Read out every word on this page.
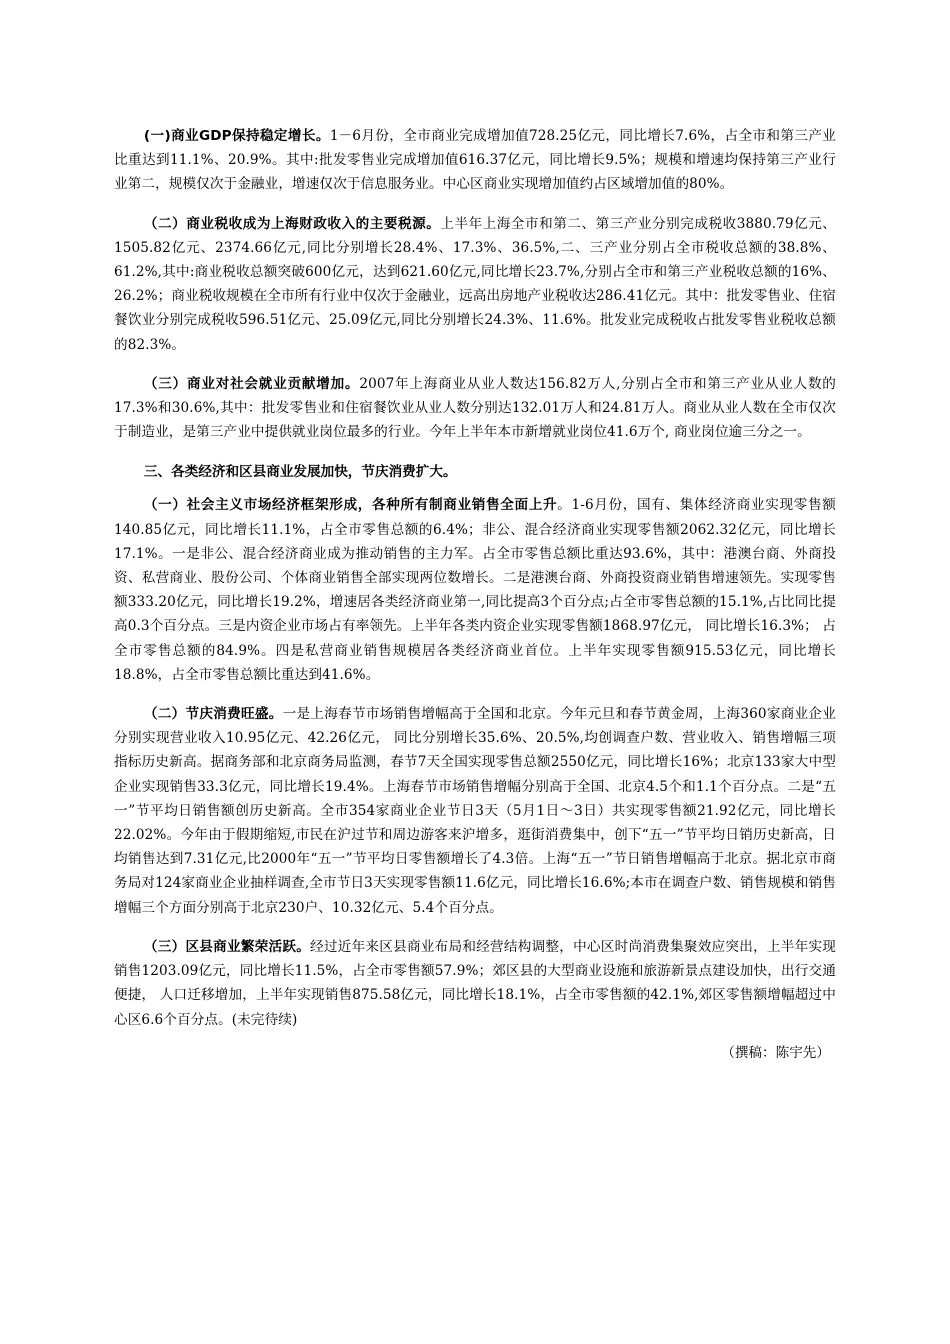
(一)商业GDP保持稳定增长。1－6月份，全市商业完成增加值728.25亿元，同比增长7.6%，占全市和第三产业比重达到11.1%、20.9%。其中:批发零售业完成增加值616.37亿元，同比增长9.5%；规模和增速均保持第三产业行业第二，规模仅次于金融业，增速仅次于信息服务业。中心区商业实现增加值约占区域增加值的80%。

（二）商业税收成为上海财政收入的主要税源。上半年上海全市和第二、第三产业分别完成税收3880.79亿元、1505.82亿元、2374.66亿元,同比分别增长28.4%、17.3%、36.5%,二、三产业分别占全市税收总额的38.8%、61.2%,其中:商业税收总额突破600亿元，达到621.60亿元,同比增长23.7%,分别占全市和第三产业税收总额的16%、26.2%；商业税收规模在全市所有行业中仅次于金融业，远高出房地产业税收达286.41亿元。其中：批发零售业、住宿餐饮业分别完成税收596.51亿元、25.09亿元,同比分别增长24.3%、11.6%。批发业完成税收占批发零售业税收总额的82.3%。

（三）商业对社会就业贡献增加。2007年上海商业从业人数达156.82万人,分别占全市和第三产业从业人数的17.3%和30.6%,其中：批发零售业和住宿餐饮业从业人数分别达132.01万人和24.81万人。商业从业人数在全市仅次于制造业，是第三产业中提供就业岗位最多的行业。今年上半年本市新增就业岗位41.6万个, 商业岗位逾三分之一。

三、各类经济和区县商业发展加快，节庆消费扩大。

（一）社会主义市场经济框架形成，各种所有制商业销售全面上升。1-6月份，国有、集体经济商业实现零售额140.85亿元，同比增长11.1%，占全市零售总额的6.4%；非公、混合经济商业实现零售额2062.32亿元，同比增长17.1%。一是非公、混合经济商业成为推动销售的主力军。占全市零售总额比重达93.6%，其中：港澳台商、外商投资、私营商业、股份公司、个体商业销售全部实现两位数增长。二是港澳台商、外商投资商业销售增速领先。实现零售额333.20亿元，同比增长19.2%，增速居各类经济商业第一,同比提高3个百分点;占全市零售总额的15.1%,占比同比提高0.3个百分点。三是内资企业市场占有率领先。上半年各类内资企业实现零售额1868.97亿元， 同比增长16.3%； 占全市零售总额的84.9%。四是私营商业销售规模居各类经济商业首位。上半年实现零售额915.53亿元，同比增长18.8%，占全市零售总额比重达到41.6%。

（二）节庆消费旺盛。一是上海春节市场销售增幅高于全国和北京。今年元旦和春节黄金周，上海360家商业企业分别实现营业收入10.95亿元、42.26亿元， 同比分别增长35.6%、20.5%,均创调查户数、营业收入、销售增幅三项指标历史新高。据商务部和北京商务局监测，春节7天全国实现零售总额2550亿元，同比增长16%；北京133家大中型企业实现销售33.3亿元，同比增长19.4%。上海春节市场销售增幅分别高于全国、北京4.5个和1.1个百分点。二是“五一”节平均日销售额创历史新高。全市354家商业企业节日3天（5月1日～3日）共实现零售额21.92亿元，同比增长22.02%。今年由于假期缩短,市民在沪过节和周边游客来沪增多，逛街消费集中，创下“五一”节平均日销历史新高，日均销售达到7.31亿元,比2000年“五一”节平均日零售额增长了4.3倍。上海“五一”节日销售增幅高于北京。据北京市商务局对124家商业企业抽样调查,全市节日3天实现零售额11.6亿元，同比增长16.6%;本市在调查户数、销售规模和销售增幅三个方面分别高于北京230户、10.32亿元、5.4个百分点。

（三）区县商业繁荣活跃。经过近年来区县商业布局和经营结构调整，中心区时尚消费集聚效应突出，上半年实现销售1203.09亿元，同比增长11.5%，占全市零售额57.9%；郊区县的大型商业设施和旅游新景点建设加快，出行交通便捷， 人口迁移增加，上半年实现销售875.58亿元，同比增长18.1%，占全市零售额的42.1%,郊区零售额增幅超过中心区6.6个百分点。(未完待续)

（撰稿：陈宇先）
